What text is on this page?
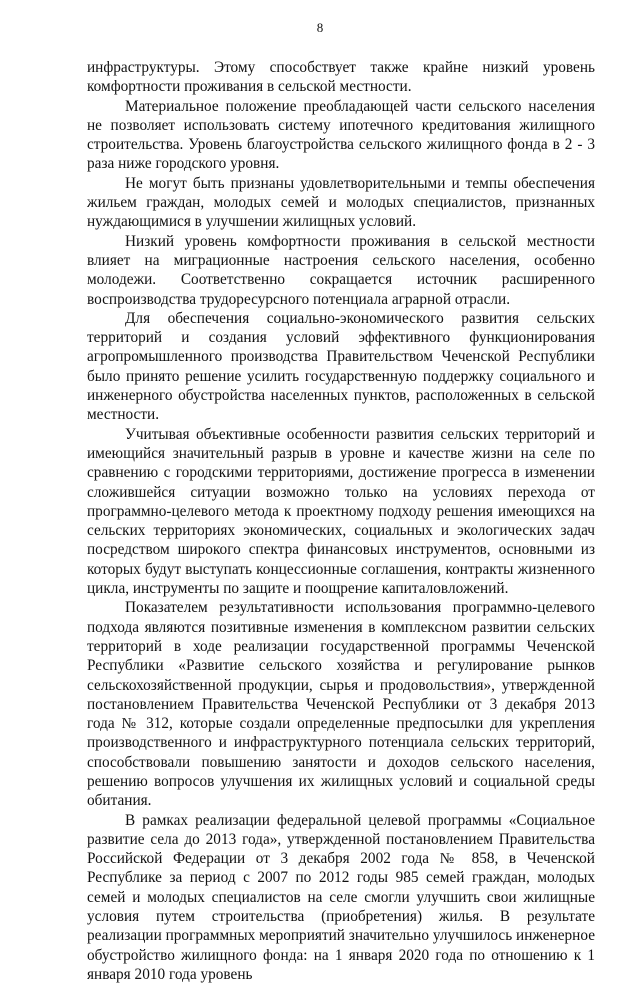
8

инфраструктуры. Этому способствует также крайне низкий уровень комфортности проживания в сельской местности.

Материальное положение преобладающей части сельского населения не позволяет использовать систему ипотечного кредитования жилищного строительства. Уровень благоустройства сельского жилищного фонда в 2 - 3 раза ниже городского уровня.

Не могут быть признаны удовлетворительными и темпы обеспечения жильем граждан, молодых семей и молодых специалистов, признанных нуждающимися в улучшении жилищных условий.

Низкий уровень комфортности проживания в сельской местности влияет на миграционные настроения сельского населения, особенно молодежи. Соответственно сокращается источник расширенного воспроизводства трудоресурсного потенциала аграрной отрасли.

Для обеспечения социально-экономического развития сельских территорий и создания условий эффективного функционирования агропромышленного производства Правительством Чеченской Республики было принято решение усилить государственную поддержку социального и инженерного обустройства населенных пунктов, расположенных в сельской местности.

Учитывая объективные особенности развития сельских территорий и имеющийся значительный разрыв в уровне и качестве жизни на селе по сравнению с городскими территориями, достижение прогресса в изменении сложившейся ситуации возможно только на условиях перехода от программно-целевого метода к проектному подходу решения имеющихся на сельских территориях экономических, социальных и экологических задач посредством широкого спектра финансовых инструментов, основными из которых будут выступать концессионные соглашения, контракты жизненного цикла, инструменты по защите и поощрение капиталовложений.

Показателем результативности использования программно-целевого подхода являются позитивные изменения в комплексном развитии сельских территорий в ходе реализации государственной программы Чеченской Республики «Развитие сельского хозяйства и регулирование рынков сельскохозяйственной продукции, сырья и продовольствия», утвержденной постановлением Правительства Чеченской Республики от 3 декабря 2013 года № 312, которые создали определенные предпосылки для укрепления производственного и инфраструктурного потенциала сельских территорий, способствовали повышению занятости и доходов сельского населения, решению вопросов улучшения их жилищных условий и социальной среды обитания.

В рамках реализации федеральной целевой программы «Социальное развитие села до 2013 года», утвержденной постановлением Правительства Российской Федерации от 3 декабря 2002 года № 858, в Чеченской Республике за период с 2007 по 2012 годы 985 семей граждан, молодых семей и молодых специалистов на селе смогли улучшить свои жилищные условия путем строительства (приобретения) жилья. В результате реализации программных мероприятий значительно улучшилось инженерное обустройство жилищного фонда: на 1 января 2020 года по отношению к 1 января 2010 года уровень
